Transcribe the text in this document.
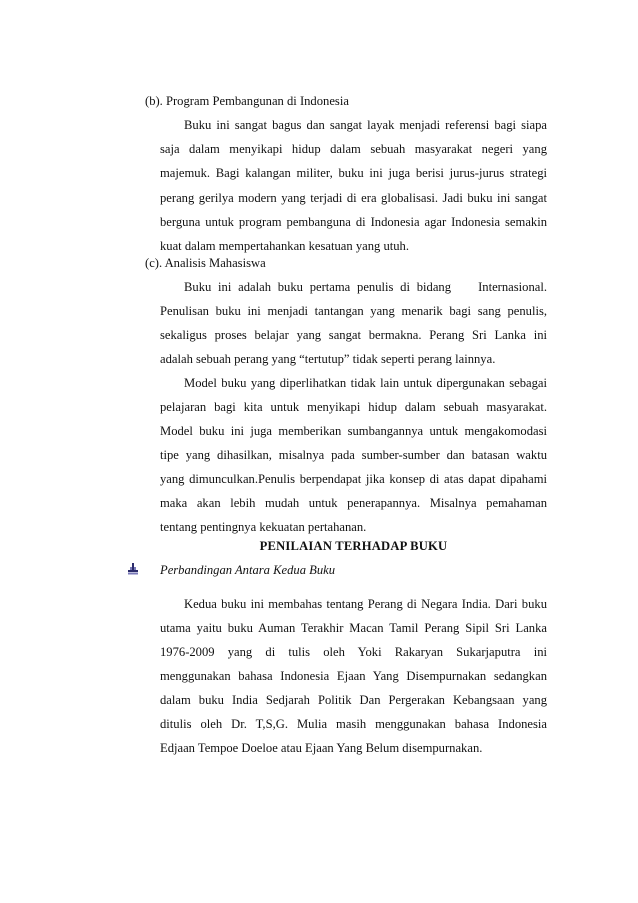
(b). Program Pembangunan di Indonesia
Buku ini sangat bagus dan sangat layak menjadi referensi bagi siapa
saja dalam menyikapi hidup dalam sebuah masyarakat negeri yang
majemuk. Bagi kalangan militer, buku ini juga berisi jurus-jurus strategi
perang gerilya modern yang terjadi di era globalisasi. Jadi buku ini sangat
berguna untuk program pembanguna di Indonesia agar Indonesia semakin
kuat dalam mempertahankan kesatuan yang utuh.
(c). Analisis Mahasiswa
Buku ini adalah buku pertama penulis di bidang    Internasional.
Penulisan buku ini menjadi tantangan yang menarik bagi sang penulis,
sekaligus proses belajar yang sangat bermakna. Perang Sri Lanka ini
adalah sebuah perang yang “tertutup” tidak seperti perang lainnya.
Model buku yang diperlihatkan tidak lain untuk dipergunakan sebagai
pelajaran bagi kita untuk menyikapi hidup dalam sebuah masyarakat.
Model buku ini juga memberikan sumbangannya untuk mengakomodasi
tipe yang dihasilkan, misalnya pada sumber-sumber dan batasan waktu
yang dimunculkan.Penulis berpendapat jika konsep di atas dapat dipahami
maka akan lebih mudah untuk penerapannya. Misalnya pemahaman
tentang pentingnya kekuatan pertahanan.
PENILAIAN TERHADAP BUKU
Perbandingan Antara Kedua Buku
Kedua buku ini membahas tentang Perang di Negara India. Dari buku
utama yaitu buku Auman Terakhir Macan Tamil Perang Sipil Sri Lanka
1976-2009 yang di tulis oleh Yoki Rakaryan Sukarjaputra ini
menggunakan bahasa Indonesia Ejaan Yang Disempurnakan sedangkan
dalam buku India Sedjarah Politik Dan Pergerakan Kebangsaan yang
ditulis oleh Dr. T,S,G. Mulia masih menggunakan bahasa Indonesia
Edjaan Tempoe Doeloe atau Ejaan Yang Belum disempurnakan.
